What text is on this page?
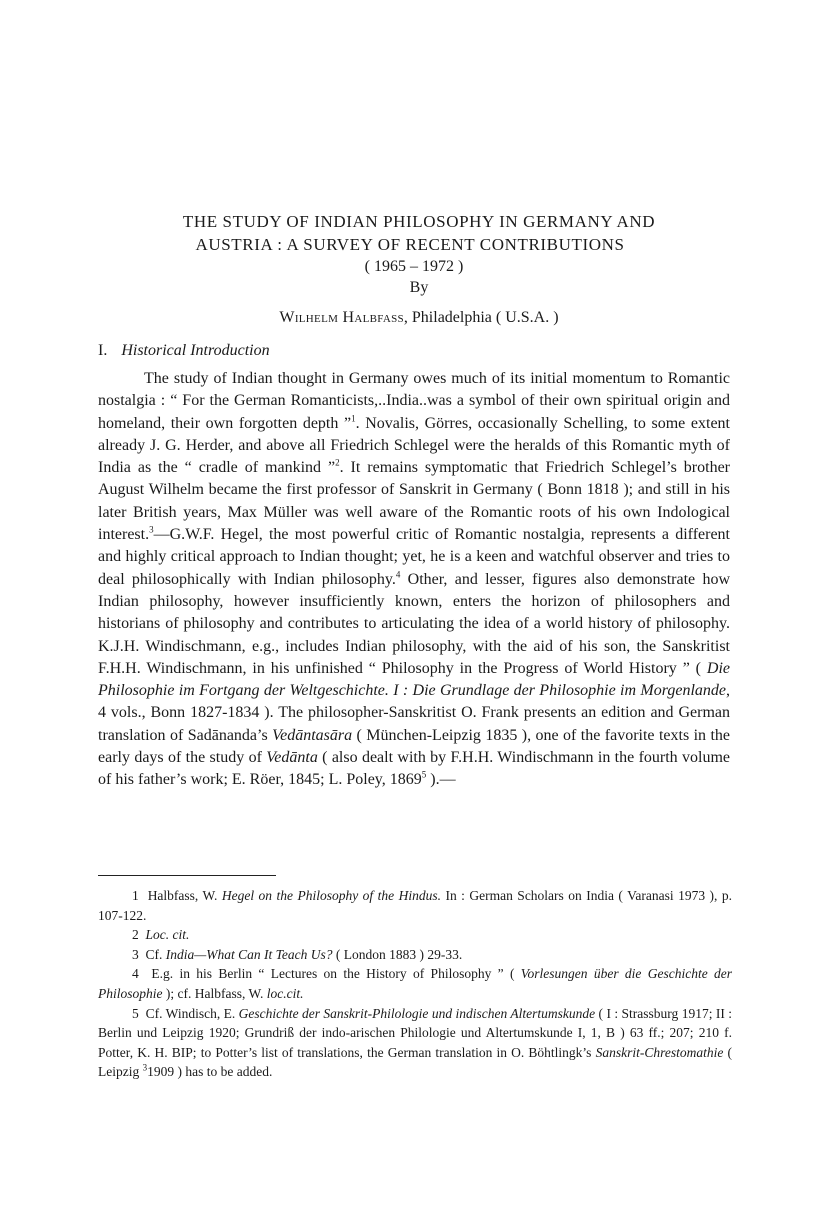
THE STUDY OF INDIAN PHILOSOPHY IN GERMANY AND

AUSTRIA : A SURVEY OF RECENT CONTRIBUTIONS

( 1965 – 1972 )
By
Wilhelm Halbfass, Philadelphia ( U.S.A. )
I. Historical Introduction

The study of Indian thought in Germany owes much of its initial momentum to Romantic nostalgia : “ For the German Romanticists,..India..was a symbol of their own spiritual origin and homeland, their own forgotten depth ”$^1$. Novalis, Görres, occasionally Schelling, to some extent already J. G. Herder, and above all Friedrich Schlegel were the heralds of this Romantic myth of India as the “ cradle of mankind ”$^2$. It remains symptomatic that Friedrich Schlegel’s brother August Wilhelm became the first professor of Sanskrit in Germany ( Bonn 1818 ); and still in his later British years, Max Müller was well aware of the Romantic roots of his own Indological interest.$^3$—G.W.F. Hegel, the most powerful critic of Romantic nostalgia, represents a different and highly critical approach to Indian thought; yet, he is a keen and watchful observer and tries to deal philosophically with Indian philosophy.$^4$ Other, and lesser, figures also demonstrate how Indian philosophy, however insufficiently known, enters the horizon of philosophers and historians of philosophy and contributes to articulating the idea of a world history of philosophy. K.J.H. Windischmann, e.g., includes Indian philosophy, with the aid of his son, the Sanskritist F.H.H. Windischmann, in his unfinished “ Philosophy in the Progress of World History ” ( Die Philosophie im Fortgang der Weltgeschichte. I : Die Grundlage der Philosophie im Morgenlande, 4 vols., Bonn 1827-1834 ). The philosopher-Sanskritist O. Frank presents an edition and German translation of Sadānanda’s Vedāntasāra ( München-Leipzig 1835 ), one of the favorite texts in the early days of the study of Vedānta ( also dealt with by F.H.H. Windischmann in the fourth volume of his father’s work; E. Röer, 1845; L. Poley, 1869$^5$ ).—

1 Halbfass, W. Hegel on the Philosophy of the Hindus. In : German Scholars on India ( Varanasi 1973 ), p. 107-122.

2 Loc. cit.

3 Cf. India—What Can It Teach Us? ( London 1883 ) 29-33.

4 E.g. in his Berlin “ Lectures on the History of Philosophy ” ( Vorlesungen über die Geschichte der Philosophie ); cf. Halbfass, W. loc.cit.

5 Cf. Windisch, E. Geschichte der Sanskrit-Philologie und indischen Altertumskunde ( I : Strassburg 1917; II : Berlin und Leipzig 1920; Grundriß der indo-arischen Philologie und Altertumskunde I, 1, B ) 63 ff.; 207; 210 f. Potter, K. H. BIP; to Potter’s list of translations, the German translation in O. Böhtlingk’s Sanskrit-Chrestomathie ( Leipzig $^3$1909 ) has to be added.
